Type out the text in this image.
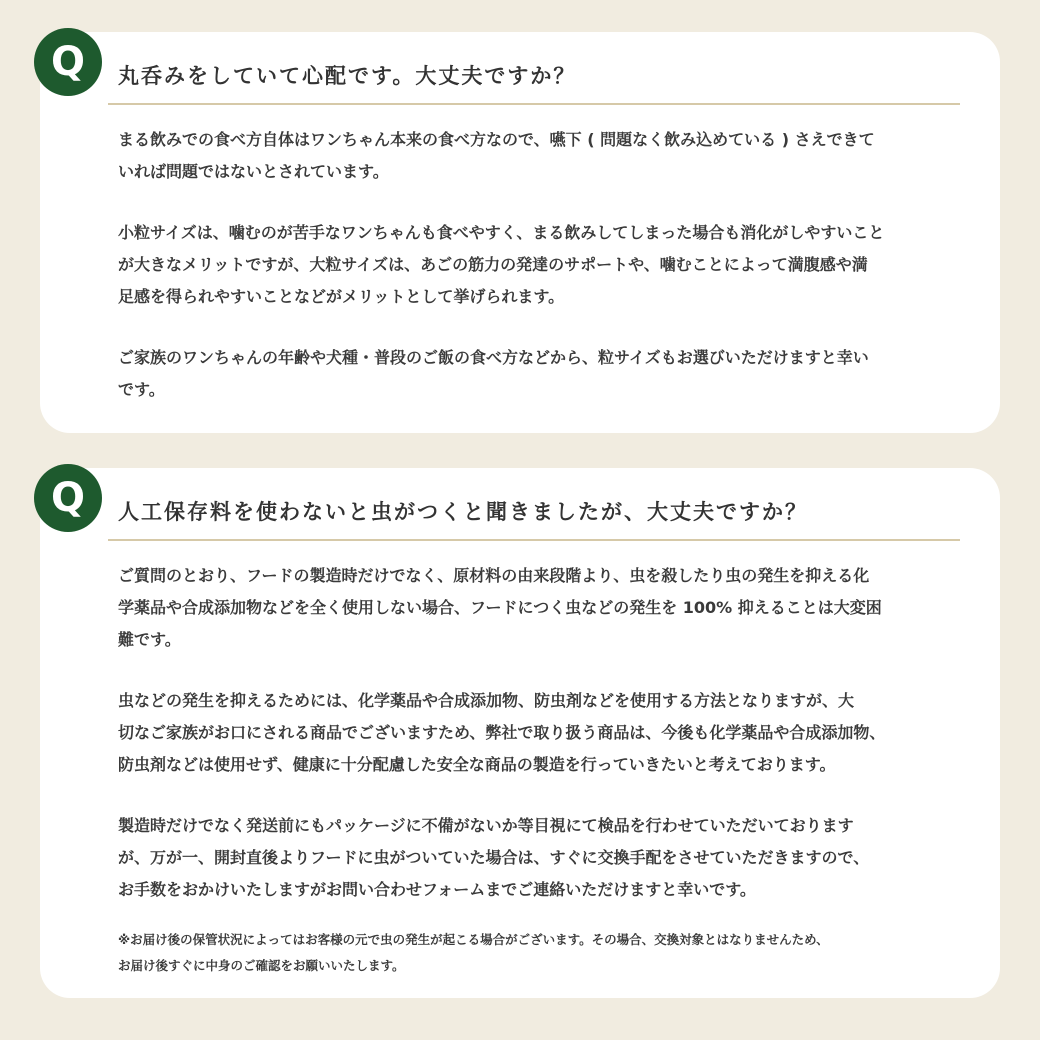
Q	丸呑みをしていて心配です。大丈夫ですか？

まる飲みでの食べ方自体はワンちゃん本来の食べ方なので、嚥下 ( 問題なく飲み込めている ) さえできて
いれば問題ではないとされています。

小粒サイズは、噛むのが苦手なワンちゃんも食べやすく、まる飲みしてしまった場合も消化がしやすいこと
が大きなメリットですが、大粒サイズは、あごの筋力の発達のサポートや、噛むことによって満腹感や満
足感を得られやすいことなどがメリットとして挙げられます。

ご家族のワンちゃんの年齢や犬種・普段のご飯の食べ方などから、粒サイズもお選びいただけますと幸い
です。

Q	人工保存料を使わないと虫がつくと聞きましたが、大丈夫ですか？

ご質問のとおり、フードの製造時だけでなく、原材料の由来段階より、虫を殺したり虫の発生を抑える化
学薬品や合成添加物などを全く使用しない場合、フードにつく虫などの発生を 100% 抑えることは大変困
難です。

虫などの発生を抑えるためには、化学薬品や合成添加物、防虫剤などを使用する方法となりますが、大
切なご家族がお口にされる商品でございますため、弊社で取り扱う商品は、今後も化学薬品や合成添加物、
防虫剤などは使用せず、健康に十分配慮した安全な商品の製造を行っていきたいと考えております。

製造時だけでなく発送前にもパッケージに不備がないか等目視にて検品を行わせていただいております
が、万が一、開封直後よりフードに虫がついていた場合は、すぐに交換手配をさせていただきますので、
お手数をおかけいたしますがお問い合わせフォームまでご連絡いただけますと幸いです。

※お届け後の保管状況によってはお客様の元で虫の発生が起こる場合がございます。その場合、交換対象とはなりませんため、
お届け後すぐに中身のご確認をお願いいたします。
